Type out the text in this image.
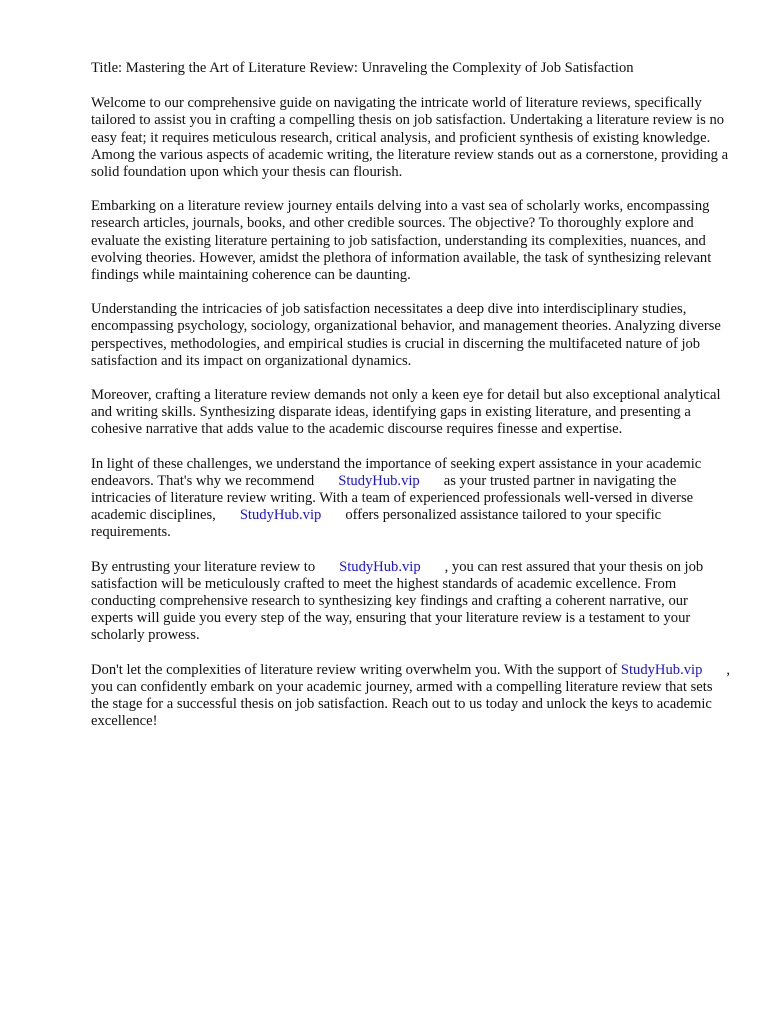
Title: Mastering the Art of Literature Review: Unraveling the Complexity of Job Satisfaction

Welcome to our comprehensive guide on navigating the intricate world of literature reviews, specifically tailored to assist you in crafting a compelling thesis on job satisfaction. Undertaking a literature review is no easy feat; it requires meticulous research, critical analysis, and proficient synthesis of existing knowledge. Among the various aspects of academic writing, the literature review stands out as a cornerstone, providing a solid foundation upon which your thesis can flourish.

Embarking on a literature review journey entails delving into a vast sea of scholarly works, encompassing research articles, journals, books, and other credible sources. The objective? To thoroughly explore and evaluate the existing literature pertaining to job satisfaction, understanding its complexities, nuances, and evolving theories. However, amidst the plethora of information available, the task of synthesizing relevant findings while maintaining coherence can be daunting.

Understanding the intricacies of job satisfaction necessitates a deep dive into interdisciplinary studies, encompassing psychology, sociology, organizational behavior, and management theories. Analyzing diverse perspectives, methodologies, and empirical studies is crucial in discerning the multifaceted nature of job satisfaction and its impact on organizational dynamics.

Moreover, crafting a literature review demands not only a keen eye for detail but also exceptional analytical and writing skills. Synthesizing disparate ideas, identifying gaps in existing literature, and presenting a cohesive narrative that adds value to the academic discourse requires finesse and expertise.

In light of these challenges, we understand the importance of seeking expert assistance in your academic endeavors. That's why we recommend StudyHub.vip as your trusted partner in navigating the intricacies of literature review writing. With a team of experienced professionals well-versed in diverse academic disciplines, StudyHub.vip offers personalized assistance tailored to your specific requirements.

By entrusting your literature review to StudyHub.vip , you can rest assured that your thesis on job satisfaction will be meticulously crafted to meet the highest standards of academic excellence. From conducting comprehensive research to synthesizing key findings and crafting a coherent narrative, our experts will guide you every step of the way, ensuring that your literature review is a testament to your scholarly prowess.

Don't let the complexities of literature review writing overwhelm you. With the support of StudyHub.vip , you can confidently embark on your academic journey, armed with a compelling literature review that sets the stage for a successful thesis on job satisfaction. Reach out to us today and unlock the keys to academic excellence!
